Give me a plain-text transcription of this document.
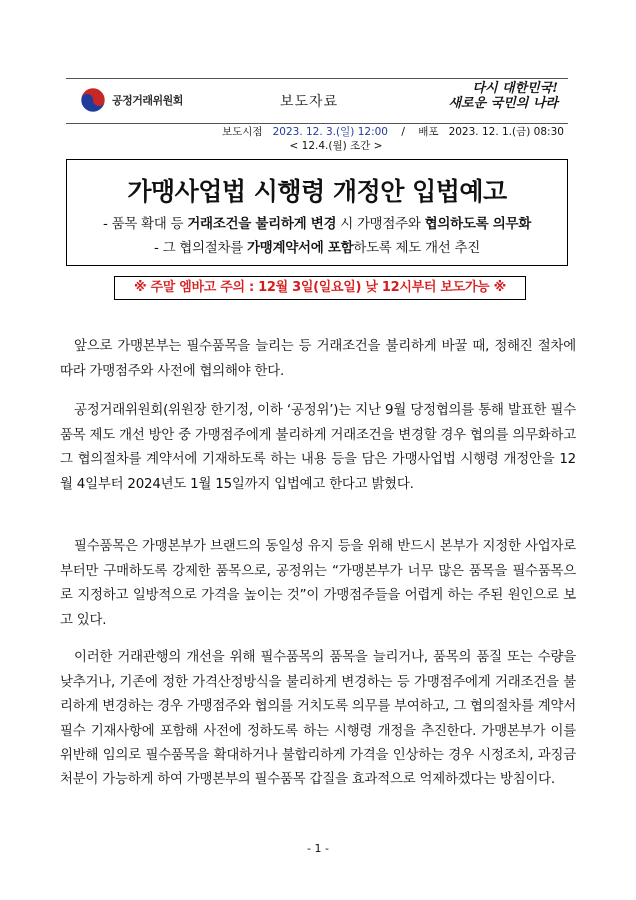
공정거래위원회	보도자료
다시 대한민국!
새로운 국민의 나라
보도시점 2023. 12. 3.(일) 12:00 / 배포 2023. 12. 1.(금) 08:30
< 12.4.(월) 조간 >
가맹사업법 시행령 개정안 입법예고
- 품목 확대 등 거래조건을 불리하게 변경 시 가맹점주와 협의하도록 의무화
- 그 협의절차를 가맹계약서에 포함하도록 제도 개선 추진
※ 주말 엠바고 주의 : 12월 3일(일요일) 낮 12시부터 보도가능 ※

앞으로 가맹본부는 필수품목을 늘리는 등 거래조건을 불리하게 바꿀 때, 정해진 절차에 따라 가맹점주와 사전에 협의해야 한다.

공정거래위원회(위원장 한기정, 이하 ‘공정위’)는 지난 9월 당정협의를 통해 발표한 필수품목 제도 개선 방안 중 가맹점주에게 불리하게 거래조건을 변경할 경우 협의를 의무화하고 그 협의절차를 계약서에 기재하도록 하는 내용 등을 담은 가맹사업법 시행령 개정안을 12월 4일부터 2024년도 1월 15일까지 입법예고 한다고 밝혔다.

필수품목은 가맹본부가 브랜드의 동일성 유지 등을 위해 반드시 본부가 지정한 사업자로부터만 구매하도록 강제한 품목으로, 공정위는 “가맹본부가 너무 많은 품목을 필수품목으로 지정하고 일방적으로 가격을 높이는 것”이 가맹점주들을 어렵게 하는 주된 원인으로 보고 있다.

이러한 거래관행의 개선을 위해 필수품목의 품목을 늘리거나, 품목의 품질 또는 수량을 낮추거나, 기존에 정한 가격산정방식을 불리하게 변경하는 등 가맹점주에게 거래조건을 불리하게 변경하는 경우 가맹점주와 협의를 거치도록 의무를 부여하고, 그 협의절차를 계약서 필수 기재사항에 포함해 사전에 정하도록 하는 시행령 개정을 추진한다. 가맹본부가 이를 위반해 임의로 필수품목을 확대하거나 불합리하게 가격을 인상하는 경우 시정조치, 과징금 처분이 가능하게 하여 가맹본부의 필수품목 갑질을 효과적으로 억제하겠다는 방침이다.

- 1 -
